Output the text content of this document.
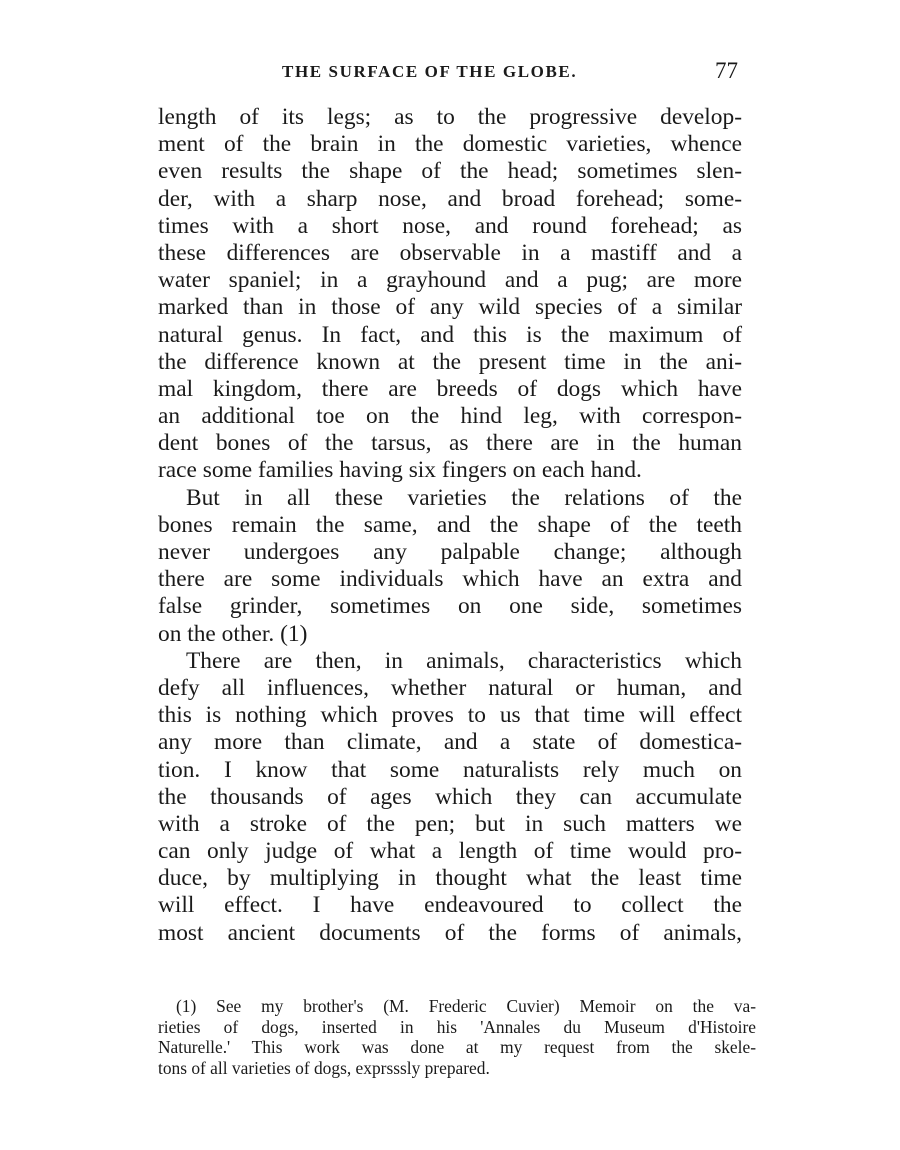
THE SURFACE OF THE GLOBE.	77
length of its legs; as to the progressive develop-
ment of the brain in the domestic varieties, whence
even results the shape of the head; sometimes slen-
der, with a sharp nose, and broad forehead; some-
times with a short nose, and round forehead; as
these differences are observable in a mastiff and a
water spaniel; in a grayhound and a pug; are more
marked than in those of any wild species of a similar
natural genus. In fact, and this is the maximum of
the difference known at the present time in the ani-
mal kingdom, there are breeds of dogs which have
an additional toe on the hind leg, with correspon-
dent bones of the tarsus, as there are in the human
race some families having six fingers on each hand.
But in all these varieties the relations of the
bones remain the same, and the shape of the teeth
never undergoes any palpable change; although
there are some individuals which have an extra and
false grinder, sometimes on one side, sometimes
on the other. (1)
There are then, in animals, characteristics which
defy all influences, whether natural or human, and
this is nothing which proves to us that time will effect
any more than climate, and a state of domestica-
tion. I know that some naturalists rely much on
the thousands of ages which they can accumulate
with a stroke of the pen; but in such matters we
can only judge of what a length of time would pro-
duce, by multiplying in thought what the least time
will effect. I have endeavoured to collect the
most ancient documents of the forms of animals,
(1) See my brother's (M. Frederic Cuvier) Memoir on the va-
rieties of dogs, inserted in his 'Annales du Museum d'Histoire
Naturelle.' This work was done at my request from the skele-
tons of all varieties of dogs, exprsssly prepared.
